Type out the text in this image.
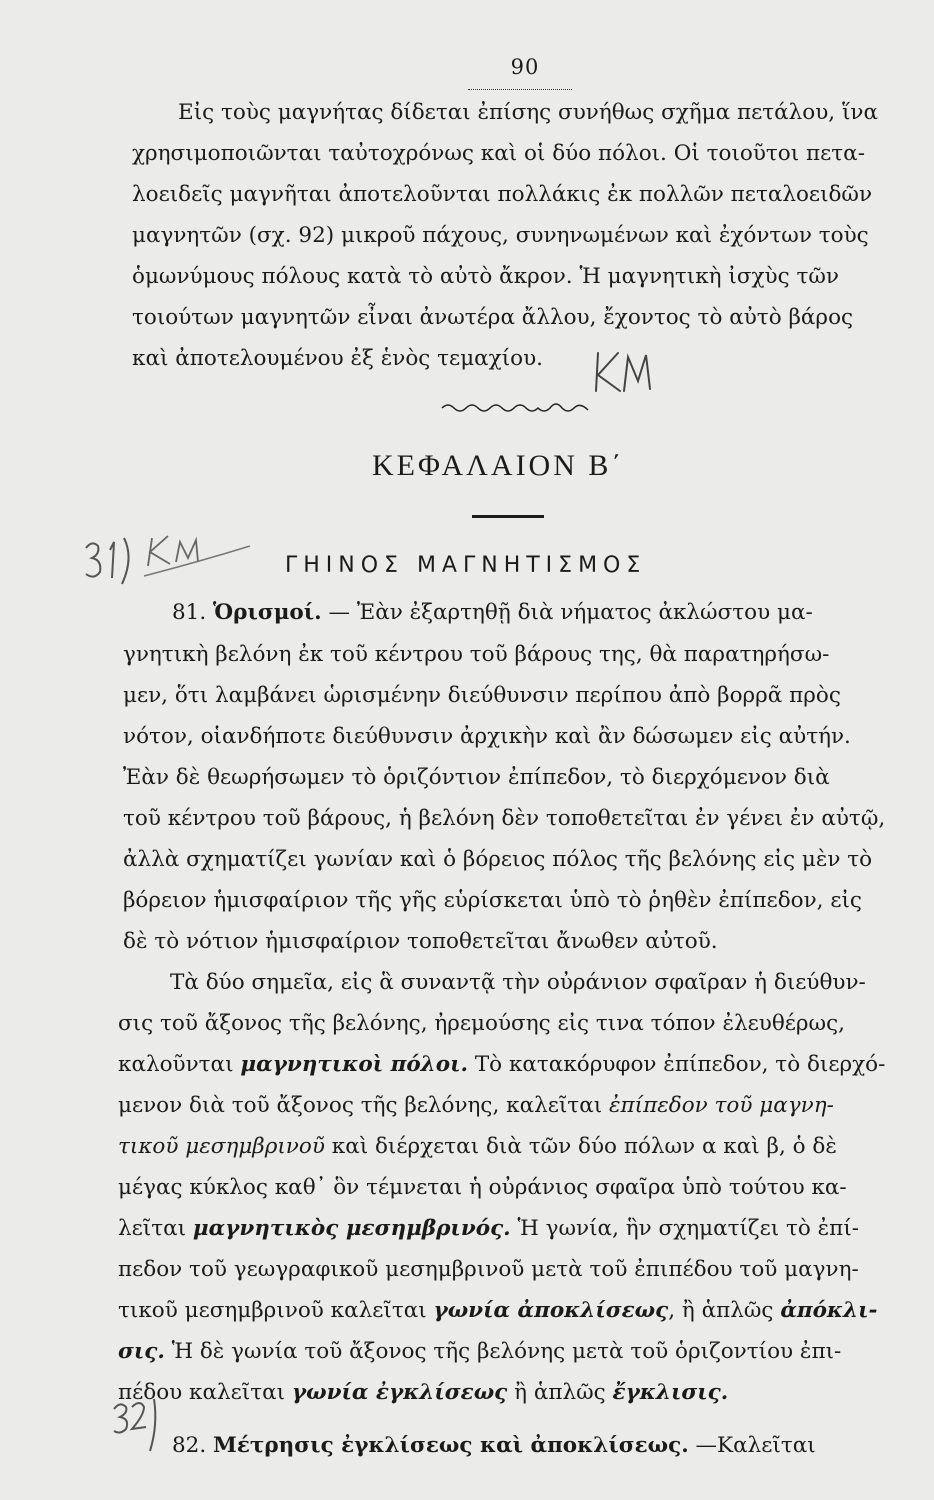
90
Εἰς τοὺς μαγνήτας δίδεται ἐπίσης συνήθως σχῆμα πετάλου, ἵνα
χρησιμοποιῶνται ταὐτοχρόνως καὶ οἱ δύο πόλοι. Οἱ τοιοῦτοι πετα-
λοειδεῖς μαγνῆται ἀποτελοῦνται πολλάκις ἐκ πολλῶν πεταλοειδῶν
μαγνητῶν (σχ. 92) μικροῦ πάχους, συνηνωμένων καὶ ἐχόντων τοὺς
ὁμωνύμους πόλους κατὰ τὸ αὐτὸ ἄκρον. Ἡ μαγνητικὴ ἰσχὺς τῶν
τοιούτων μαγνητῶν εἶναι ἀνωτέρα ἄλλου, ἔχοντος τὸ αὐτὸ βάρος
καὶ ἀποτελουμένου ἐξ ἑνὸς τεμαχίου.
ΚΕΦΑΛΑΙΟΝ Β΄
ΓΗΙΝΟΣ ΜΑΓΝΗΤΙΣΜΟΣ
81. Ὁρισμοί. — Ἐὰν ἐξαρτηθῇ διὰ νήματος ἀκλώστου μα-
γνητικὴ βελόνη ἐκ τοῦ κέντρου τοῦ βάρους της, θὰ παρατηρήσω-
μεν, ὅτι λαμβάνει ὡρισμένην διεύθυνσιν περίπου ἀπὸ βορρᾶ πρὸς
νότον, οἱανδήποτε διεύθυνσιν ἀρχικὴν καὶ ἂν δώσωμεν εἰς αὐτήν.
Ἐὰν δὲ θεωρήσωμεν τὸ ὁριζόντιον ἐπίπεδον, τὸ διερχόμενον διὰ
τοῦ κέντρου τοῦ βάρους, ἡ βελόνη δὲν τοποθετεῖται ἐν γένει ἐν αὐτῷ,
ἀλλὰ σχηματίζει γωνίαν καὶ ὁ βόρειος πόλος τῆς βελόνης εἰς μὲν τὸ
βόρειον ἡμισφαίριον τῆς γῆς εὑρίσκεται ὑπὸ τὸ ῥηθὲν ἐπίπεδον, εἰς
δὲ τὸ νότιον ἡμισφαίριον τοποθετεῖται ἄνωθεν αὐτοῦ.
Τὰ δύο σημεῖα, εἰς ἃ συναντᾷ τὴν οὐράνιον σφαῖραν ἡ διεύθυν-
σις τοῦ ἄξονος τῆς βελόνης, ἠρεμούσης εἰς τινα τόπον ἐλευθέρως,
καλοῦνται μαγνητικοὶ πόλοι. Τὸ κατακόρυφον ἐπίπεδον, τὸ διερχό-
μενον διὰ τοῦ ἄξονος τῆς βελόνης, καλεῖται ἐπίπεδον τοῦ μαγνη-
τικοῦ μεσημβρινοῦ καὶ διέρχεται διὰ τῶν δύο πόλων α καὶ β, ὁ δὲ
μέγας κύκλος καθ᾽ ὃν τέμνεται ἡ οὐράνιος σφαῖρα ὑπὸ τούτου κα-
λεῖται μαγνητικὸς μεσημβρινός. Ἡ γωνία, ἣν σχηματίζει τὸ ἐπί-
πεδον τοῦ γεωγραφικοῦ μεσημβρινοῦ μετὰ τοῦ ἐπιπέδου τοῦ μαγνη-
τικοῦ μεσημβρινοῦ καλεῖται γωνία ἀποκλίσεως, ἢ ἁπλῶς ἀπόκλι-
σις. Ἡ δὲ γωνία τοῦ ἄξονος τῆς βελόνης μετὰ τοῦ ὁριζοντίου ἐπι-
πέδου καλεῖται γωνία ἐγκλίσεως ἢ ἁπλῶς ἔγκλισις.
82. Μέτρησις ἐγκλίσεως καὶ ἀποκλίσεως. —Καλεῖται
